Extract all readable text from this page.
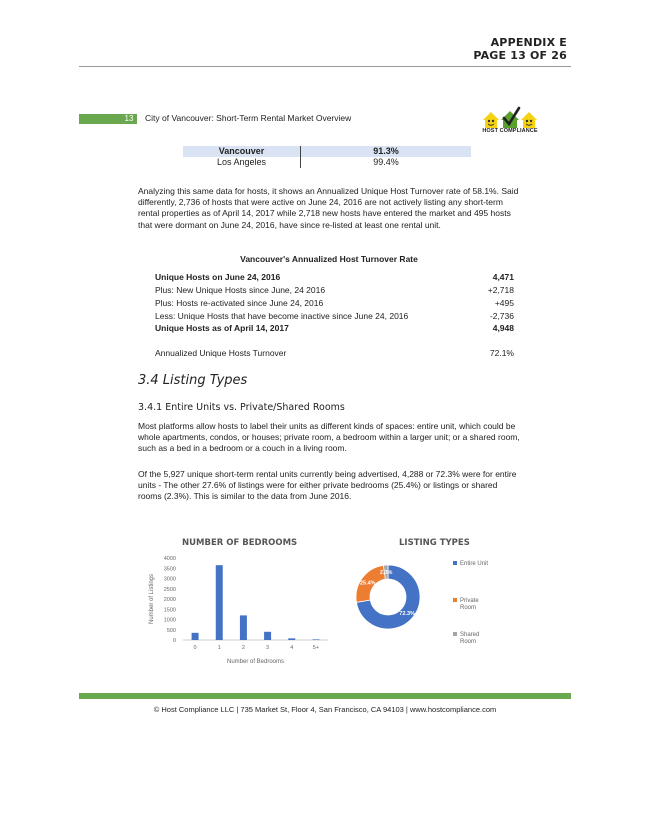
APPENDIX E
PAGE 13 OF 26
13	City of Vancouver: Short-Term Rental Market Overview
HOST COMPLIANCE
Vancouver	91.3%
Los Angeles	99.4%
Analyzing this same data for hosts, it shows an Annualized Unique Host Turnover rate of 58.1%. Said differently, 2,736 of hosts that were active on June 24, 2016 are not actively listing any short-term rental properties as of April 14, 2017 while 2,718 new hosts have entered the market and 495 hosts that were dormant on June 24, 2016, have since re-listed at least one rental unit.
Vancouver's Annualized Host Turnover Rate
Unique Hosts on June 24, 2016	4,471
Plus: New Unique Hosts since June, 24 2016	+2,718
Plus: Hosts re-activated since June 24, 2016	+495
Less: Unique Hosts that have become inactive since June 24, 2016	-2,736
Unique Hosts as of April 14, 2017	4,948
Annualized Unique Hosts Turnover	72.1%
3.4 Listing Types
3.4.1 Entire Units vs. Private/Shared Rooms
Most platforms allow hosts to label their units as different kinds of spaces: entire unit, which could be whole apartments, condos, or houses; private room, a bedroom within a larger unit; or a shared room, such as a bed in a bedroom or a couch in a living room.
Of the 5,927 unique short-term rental units currently being advertised, 4,288 or 72.3% were for entire units - The other 27.6% of listings were for either private bedrooms (25.4%) or listings or shared rooms (2.3%). This is similar to the data from June 2016.
NUMBER OF BEDROOMS
0
500
1000
1500
2000
2500
3000
3500
4000
0	1	2	3	4	5+
Number of Bedrooms
Number of Listings
LISTING TYPES
72.3%
25.4%
2.3%
Entire Unit
Private Room
Shared Room
© Host Compliance LLC | 735 Market St, Floor 4, San Francisco, CA 94103 | www.hostcompliance.com
